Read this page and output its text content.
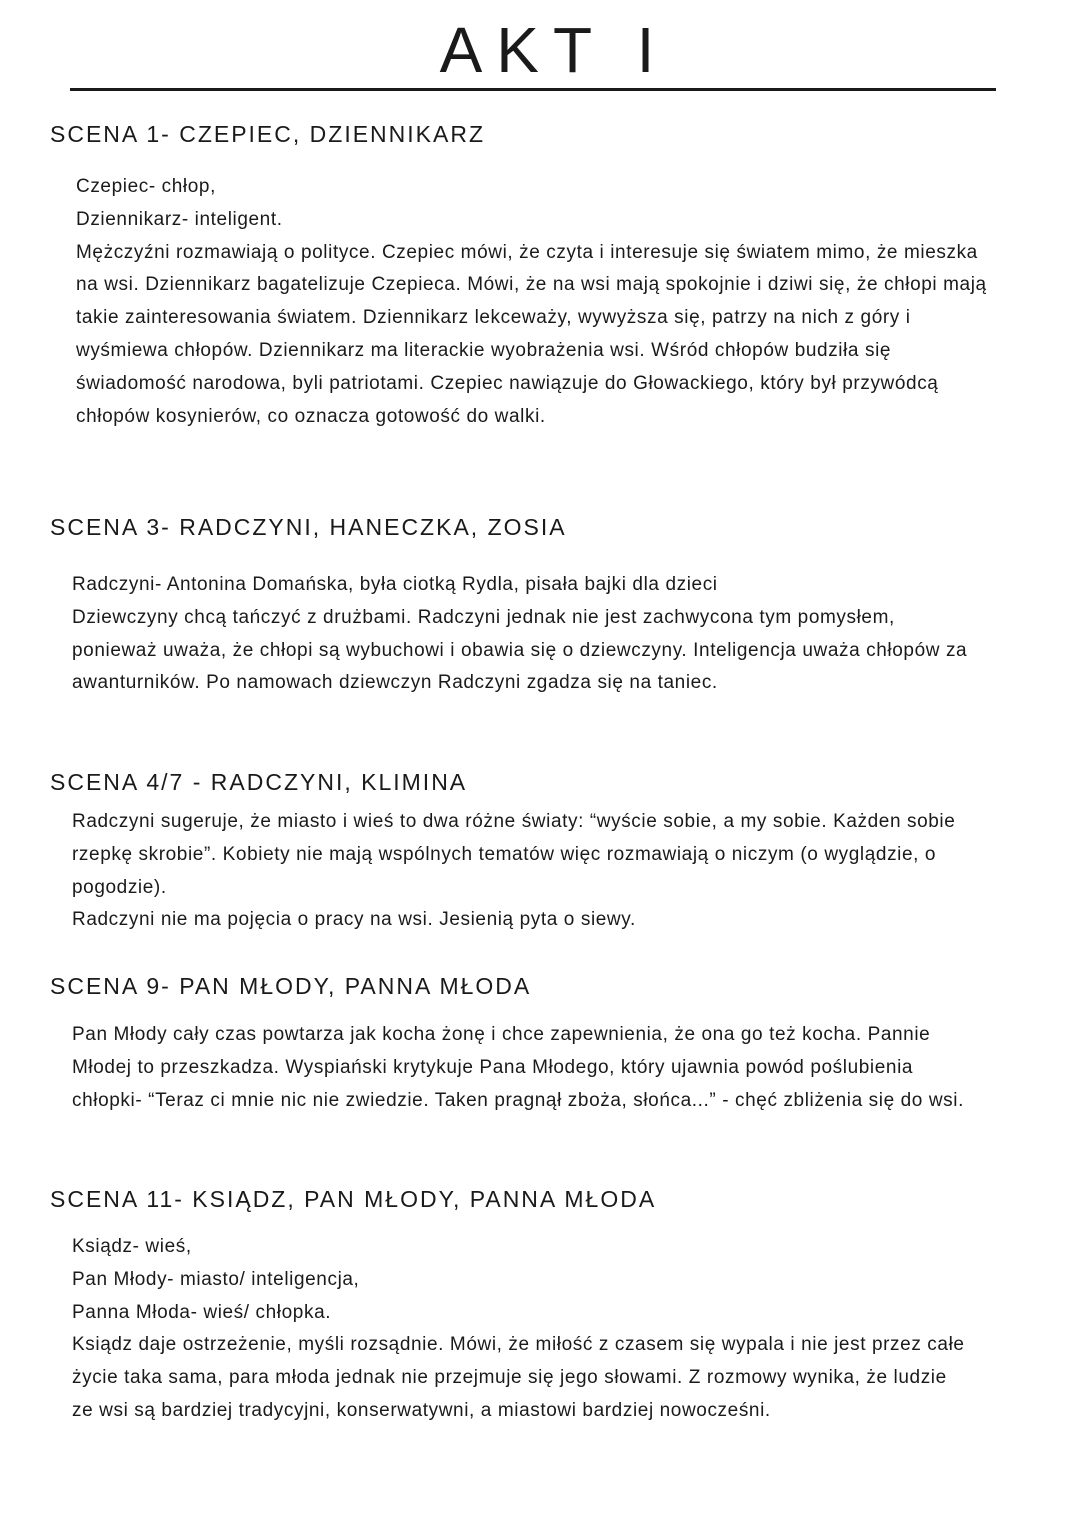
AKT I
SCENA 1- CZEPIEC, DZIENNIKARZ

Czepiec- chłop,

Dziennikarz- inteligent.

Mężczyźni rozmawiają o polityce. Czepiec mówi, że czyta i interesuje się światem mimo, że mieszka na wsi. Dziennikarz bagatelizuje Czepieca. Mówi, że na wsi mają spokojnie i dziwi się, że chłopi mają takie zainteresowania światem. Dziennikarz lekceważy, wywyższa się, patrzy na nich z góry i wyśmiewa chłopów. Dziennikarz ma literackie wyobrażenia wsi. Wśród chłopów budziła się świadomość narodowa, byli patriotami. Czepiec nawiązuje do Głowackiego, który był przywódcą chłopów kosynierów, co oznacza gotowość do walki.

SCENA 3- RADCZYNI, HANECZKA, ZOSIA

Radczyni- Antonina Domańska, była ciotką Rydla, pisała bajki dla dzieci

Dziewczyny chcą tańczyć z drużbami. Radczyni jednak nie jest zachwycona tym pomysłem, ponieważ uważa, że chłopi są wybuchowi i obawia się o dziewczyny. Inteligencja uważa chłopów za awanturników. Po namowach dziewczyn Radczyni zgadza się na taniec.

SCENA 4/7 - RADCZYNI, KLIMINA

Radczyni sugeruje, że miasto i wieś to dwa różne światy: “wyście sobie, a my sobie. Każden sobie rzepkę skrobie”. Kobiety nie mają wspólnych tematów więc rozmawiają o niczym (o wyglądzie, o pogodzie).

Radczyni nie ma pojęcia o pracy na wsi. Jesienią pyta o siewy.

SCENA 9- PAN MŁODY, PANNA MŁODA

Pan Młody cały czas powtarza jak kocha żonę i chce zapewnienia, że ona go też kocha. Pannie Młodej to przeszkadza. Wyspiański krytykuje Pana Młodego, który ujawnia powód poślubienia chłopki- “Teraz ci mnie nic nie zwiedzie. Taken pragnął zboża, słońca...” - chęć zbliżenia się do wsi.

SCENA 11- KSIĄDZ, PAN MŁODY, PANNA MŁODA

Ksiądz- wieś,

Pan Młody- miasto/ inteligencja,

Panna Młoda- wieś/ chłopka.

Ksiądz daje ostrzeżenie, myśli rozsądnie. Mówi, że miłość z czasem się wypala i nie jest przez całe życie taka sama, para młoda jednak nie przejmuje się jego słowami. Z rozmowy wynika, że ludzie ze wsi są bardziej tradycyjni, konserwatywni, a miastowi bardziej nowocześni.
